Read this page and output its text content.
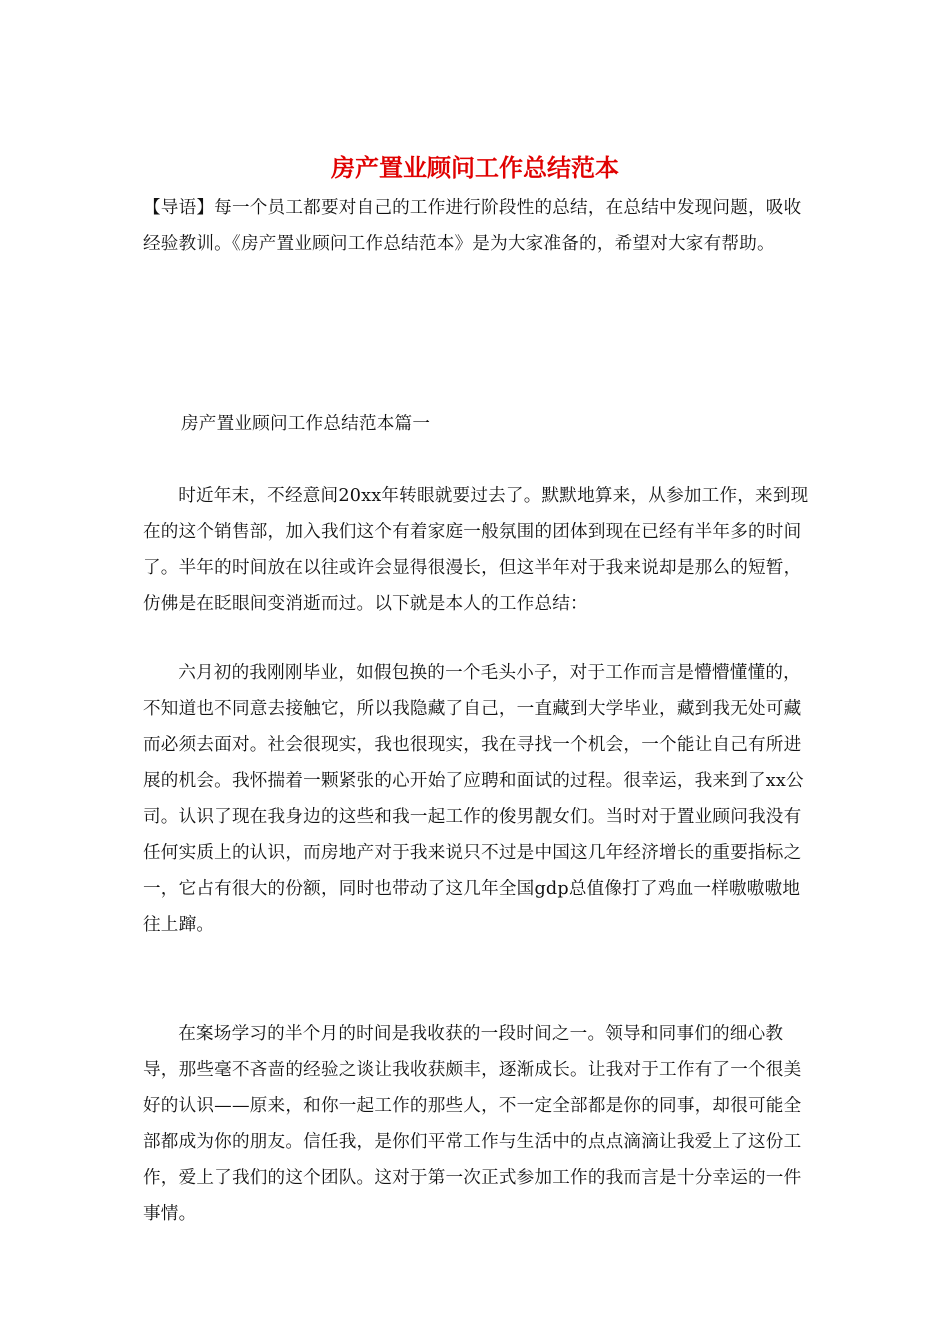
房产置业顾问工作总结范本

【导语】每一个员工都要对自己的工作进行阶段性的总结，在总结中发现问题，吸收经验教训。《房产置业顾问工作总结范本》是为大家准备的，希望对大家有帮助。

房产置业顾问工作总结范本篇一

时近年末，不经意间20xx年转眼就要过去了。默默地算来，从参加工作，来到现在的这个销售部，加入我们这个有着家庭一般氛围的团体到现在已经有半年多的时间了。半年的时间放在以往或许会显得很漫长，但这半年对于我来说却是那么的短暂，仿佛是在眨眼间变消逝而过。以下就是本人的工作总结：

六月初的我刚刚毕业，如假包换的一个毛头小子，对于工作而言是懵懵懂懂的，不知道也不同意去接触它，所以我隐藏了自己，一直藏到大学毕业，藏到我无处可藏而必须去面对。社会很现实，我也很现实，我在寻找一个机会，一个能让自己有所进展的机会。我怀揣着一颗紧张的心开始了应聘和面试的过程。很幸运，我来到了xx公司。认识了现在我身边的这些和我一起工作的俊男靓女们。当时对于置业顾问我没有任何实质上的认识，而房地产对于我来说只不过是中国这几年经济增长的重要指标之一，它占有很大的份额，同时也带动了这几年全国gdp总值像打了鸡血一样嗷嗷嗷地往上蹿。

在案场学习的半个月的时间是我收获的一段时间之一。领导和同事们的细心教导，那些毫不吝啬的经验之谈让我收获颇丰，逐渐成长。让我对于工作有了一个很美好的认识——原来，和你一起工作的那些人，不一定全部都是你的同事，却很可能全部都成为你的朋友。信任我，是你们平常工作与生活中的点点滴滴让我爱上了这份工作，爱上了我们的这个团队。这对于第一次正式参加工作的我而言是十分幸运的一件事情。
